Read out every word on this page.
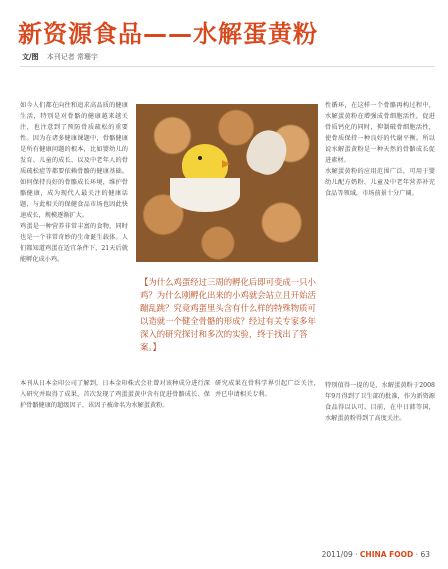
新资源食品——水解蛋黄粉
文/图 本刊记者 常珊宇

如今人们都在向往和追求高品质的健康生活，特别是对骨骼的健康越来越关注，也注意到了预防骨质疏松的重要性。因为在诸多健康课题中，骨骼健康是所有健康问题的根本，比如婴幼儿的发育、儿童的成长、以及中老年人的骨质疏松症等都要依赖骨骼的健康基础。如何保持良好的骨骼成长环境，维护骨骼健康，成为现代人最关注的健康话题，与此相关的保健食品市场也因此快速成长，规模逐渐扩大。

鸡蛋是一种营养非常丰富的食物，同时也是一个非常奇妙的生命诞生载体。人们都知道鸡蛋在适宜条件下，21天后就能孵化成小鸡。

【为什么鸡蛋经过三周的孵化后即可变成一只小鸡？为什么刚孵化出来的小鸡就会站立且开始活蹦乱跳？究竟鸡蛋里头含有什么样的特殊物质可以造就一个健全骨骼的形成？经过有关专家多年深入的研究探讨和多次的实验，终于找出了答案。】

性循环，在这样一个骨骼再构过程中，水解蛋黄粉在增强成骨细胞活性，促进骨质钙化的同时，抑制破骨细胞活性，使骨质保持一种良好的代谢平衡。所以说水解蛋黄粉是一种天然的骨骼成长促进素材。

水解蛋黄粉的应用范围广泛，可用于婴幼儿配方奶粉、儿童及中老年营养补充食品等领域，市场前景十分广阔。

本刊从日本金印公司了解到，日本金印株式会社曾对该种成分进行深入研究并取得了成果，首次发现了鸡蛋蛋黄中含有促进骨骼成长、保护骨骼健康的超级因子，该因子被命名为水解蛋黄粉。

研究成果在骨科学界引起广泛关注，并已申请相关专利。

特别值得一提的是，水解蛋黄粉于2008年9月得到了卫生部的批准，作为新资源食品得以认可。目前，在中日韩等国，水解蛋黄粉得到了高度关注。

2011/09 · CHINA FOOD · 63
